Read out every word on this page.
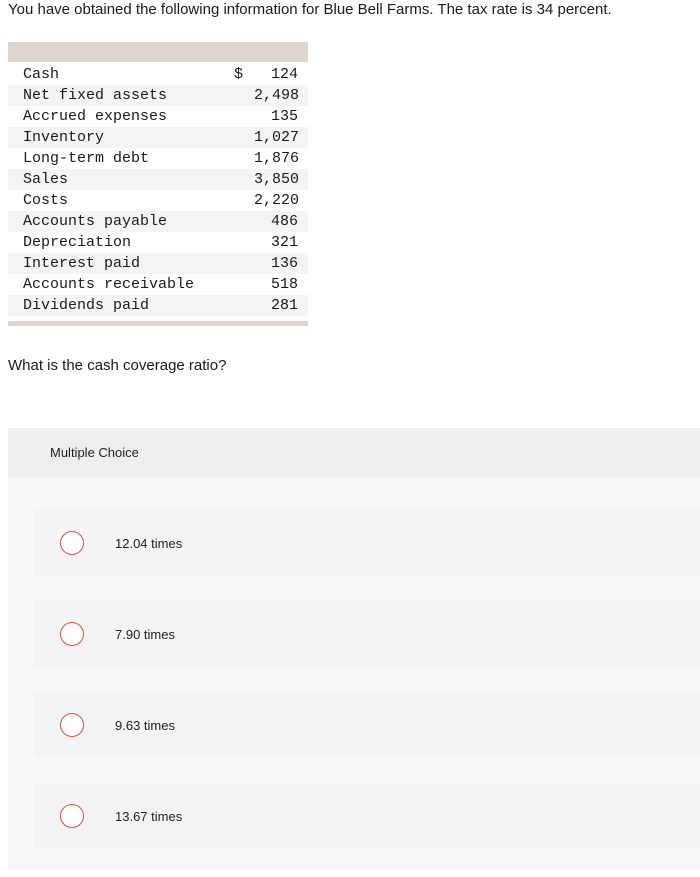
You have obtained the following information for Blue Bell Farms. The tax rate is 34 percent.
Cash	$	124
Net fixed assets	2,498
Accrued expenses	135
Inventory	1,027
Long-term debt	1,876
Sales	3,850
Costs	2,220
Accounts payable	486
Depreciation	321
Interest paid	136
Accounts receivable	518
Dividends paid	281
What is the cash coverage ratio?
Multiple Choice
12.04 times
7.90 times
9.63 times
13.67 times
